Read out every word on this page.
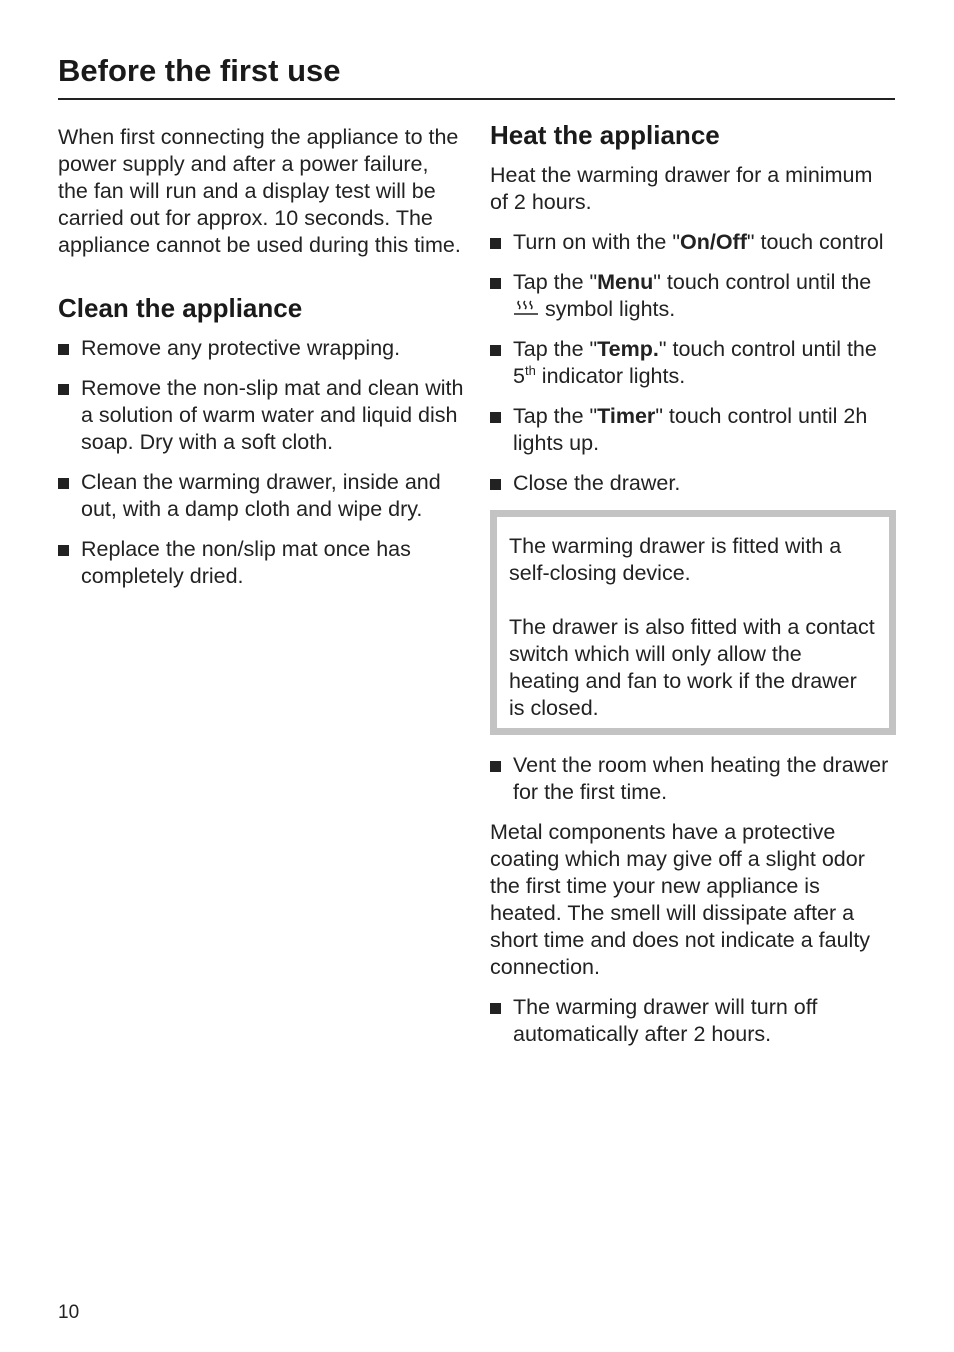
Before the first use

When first connecting the appliance to the power supply and after a power failure, the fan will run and a display test will be carried out for approx. 10 seconds. The appliance cannot be used during this time.

Clean the appliance
Remove any protective wrapping.
Remove the non-slip mat and clean with a solution of warm water and liquid dish soap. Dry with a soft cloth.
Clean the warming drawer, inside and out, with a damp cloth and wipe dry.
Replace the non/slip mat once has completely dried.
Heat the appliance

Heat the warming drawer for a minimum of 2 hours.

Turn on with the "On/Off" touch control
Tap the "Menu" touch control until the
symbol lights.
Tap the "Temp." touch control until the 5th indicator lights.
Tap the "Timer" touch control until 2h lights up.
Close the drawer.

The warming drawer is fitted with a self-closing device.

The drawer is also fitted with a contact switch which will only allow the heating and fan to work if the drawer is closed.

Vent the room when heating the drawer for the first time.

Metal components have a protective coating which may give off a slight odor the first time your new appliance is heated. The smell will dissipate after a short time and does not indicate a faulty connection.

The warming drawer will turn off automatically after 2 hours.
10
